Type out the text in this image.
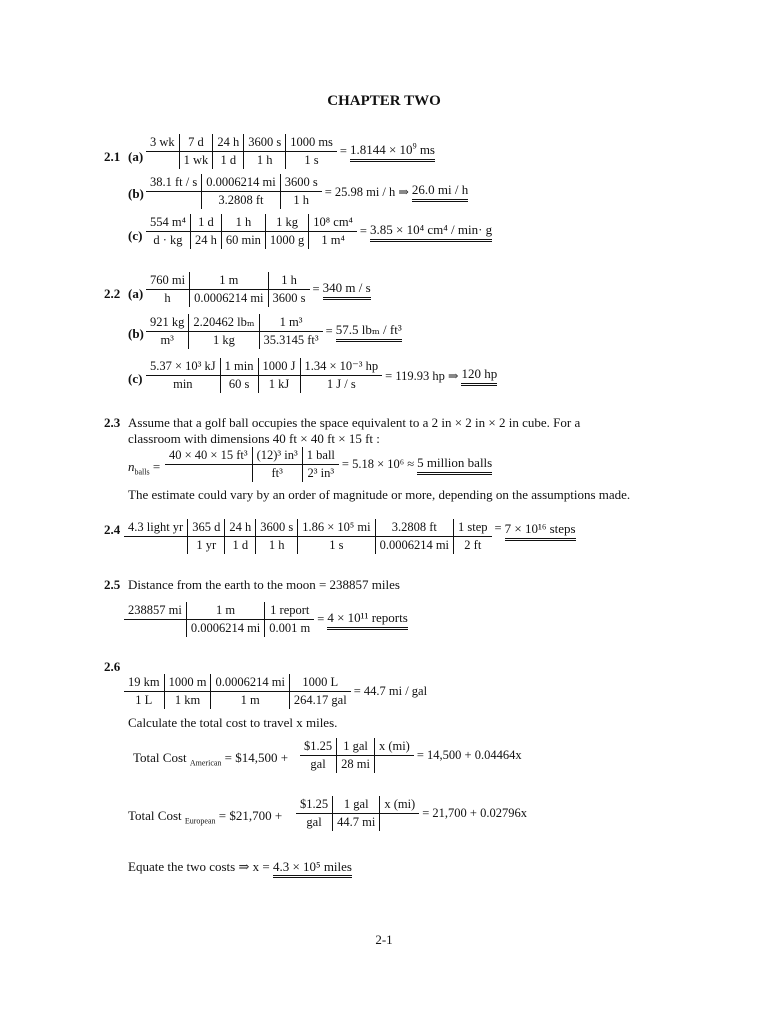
CHAPTER TWO
2.1 (a)
3 wk	7 d	24 h	3600 s	1000 ms
	1 wk	1 d	1 h	1 s
= $1.8144 \times 10^9$ ms
(b)
38.1 ft / s	0.0006214 mi	3600 s
	3.2808 ft	1 h
= 25.98 mi / h ⇒ 26.0 mi / h
(c)
554 m⁴	1 d	1 h	1 kg	10⁸ cm⁴
d · kg	24 h	60 min	1000 g	1 m⁴
= 3.85 × 10⁴ cm⁴ / min· g
2.2 (a)
760 mi	1 m	1 h
h	0.0006214 mi	3600 s
= 340 m / s
(b)
921 kg	2.20462 lbₘ	1 m³
m³	1 kg	35.3145 ft³
= 57.5 lbₘ / ft³
(c)
5.37 × 10³ kJ	1 min	1000 J	1.34 × 10⁻³ hp
min	60 s	1 kJ	1 J / s
= 119.93 hp ⇒ 120 hp
2.3 Assume that a golf ball occupies the space equivalent to a 2 in × 2 in × 2 in cube. For a
classroom with dimensions 40 ft × 40 ft × 15 ft :
$n_{balls}$ =
40 × 40 × 15 ft³	(12)³ in³	1 ball
	ft³	2³ in³
= 5.18 × 10⁶ ≈ 5 million balls
The estimate could vary by an order of magnitude or more, depending on the assumptions made.
2.4 4.3 light yr	365 d	24 h	3600 s	1.86 × 10⁵ mi	3.2808 ft	1 step
	1 yr	1 d	1 h	1 s	0.0006214 mi	2 ft
= 7 × 10¹⁶ steps
2.5 Distance from the earth to the moon = 238857 miles
238857 mi	1 m	1 report
	0.0006214 mi	0.001 m
= 4 × 10¹¹ reports
2.6
19 km	1000 m	0.0006214 mi	1000 L
1 L	1 km	1 m	264.17 gal
= 44.7 mi / gal
Calculate the total cost to travel x miles.
Total Cost $_{American}$ = $14,500 +
$1.25	1 gal	x (mi)
gal	28 mi	
= 14,500 + 0.04464x
Total Cost $_{European}$ = $21,700 +
$1.25	1 gal	x (mi)
gal	44.7 mi	
= 21,700 + 0.02796x
Equate the two costs ⇒ x = 4.3 × 10⁵ miles
2-1
